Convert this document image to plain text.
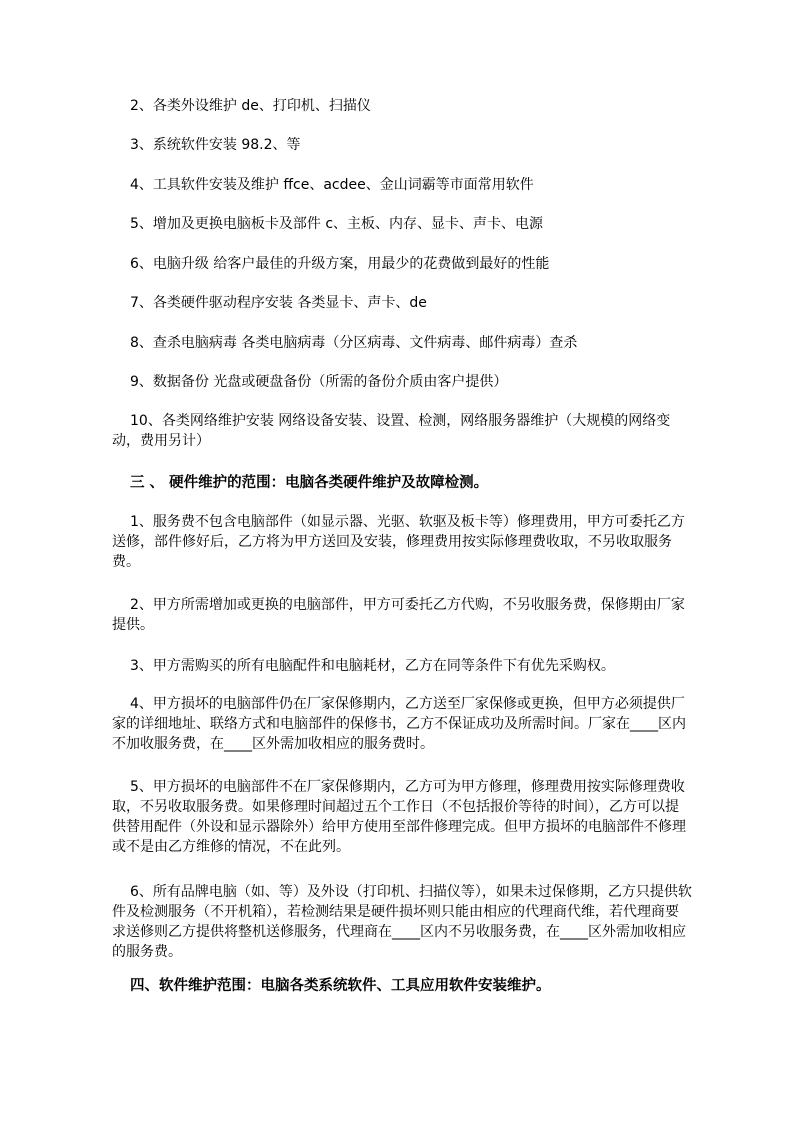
2、各类外设维护 de、打印机、扫描仪

3、系统软件安装 98.2、等

4、工具软件安装及维护 ffce、acdee、金山词霸等市面常用软件

5、增加及更换电脑板卡及部件 c、主板、内存、显卡、声卡、电源

6、电脑升级 给客户最佳的升级方案，用最少的花费做到最好的性能

7、各类硬件驱动程序安装 各类显卡、声卡、de

8、查杀电脑病毒 各类电脑病毒（分区病毒、文件病毒、邮件病毒）查杀

9、数据备份 光盘或硬盘备份（所需的备份介质由客户提供）

10、各类网络维护安装 网络设备安装、设置、检测，网络服务器维护（大规模的网络变动，费用另计）

三 、 硬件维护的范围：电脑各类硬件维护及故障检测。

1、服务费不包含电脑部件（如显示器、光驱、软驱及板卡等）修理费用，甲方可委托乙方送修，部件修好后，乙方将为甲方送回及安装，修理费用按实际修理费收取，不另收取服务费。

2、甲方所需增加或更换的电脑部件，甲方可委托乙方代购，不另收服务费，保修期由厂家提供。

3、甲方需购买的所有电脑配件和电脑耗材，乙方在同等条件下有优先采购权。

4、甲方损坏的电脑部件仍在厂家保修期内，乙方送至厂家保修或更换，但甲方必须提供厂家的详细地址、联络方式和电脑部件的保修书，乙方不保证成功及所需时间。厂家在____区内不加收服务费，在____区外需加收相应的服务费时。

5、甲方损坏的电脑部件不在厂家保修期内，乙方可为甲方修理，修理费用按实际修理费收取，不另收取服务费。如果修理时间超过五个工作日（不包括报价等待的时间），乙方可以提供替用配件（外设和显示器除外）给甲方使用至部件修理完成。但甲方损坏的电脑部件不修理或不是由乙方维修的情况，不在此列。

6、所有品牌电脑（如、等）及外设（打印机、扫描仪等），如果未过保修期，乙方只提供软件及检测服务（不开机箱），若检测结果是硬件损坏则只能由相应的代理商代维，若代理商要求送修则乙方提供将整机送修服务，代理商在____区内不另收服务费，在____区外需加收相应的服务费。

四、软件维护范围：电脑各类系统软件、工具应用软件安装维护。
